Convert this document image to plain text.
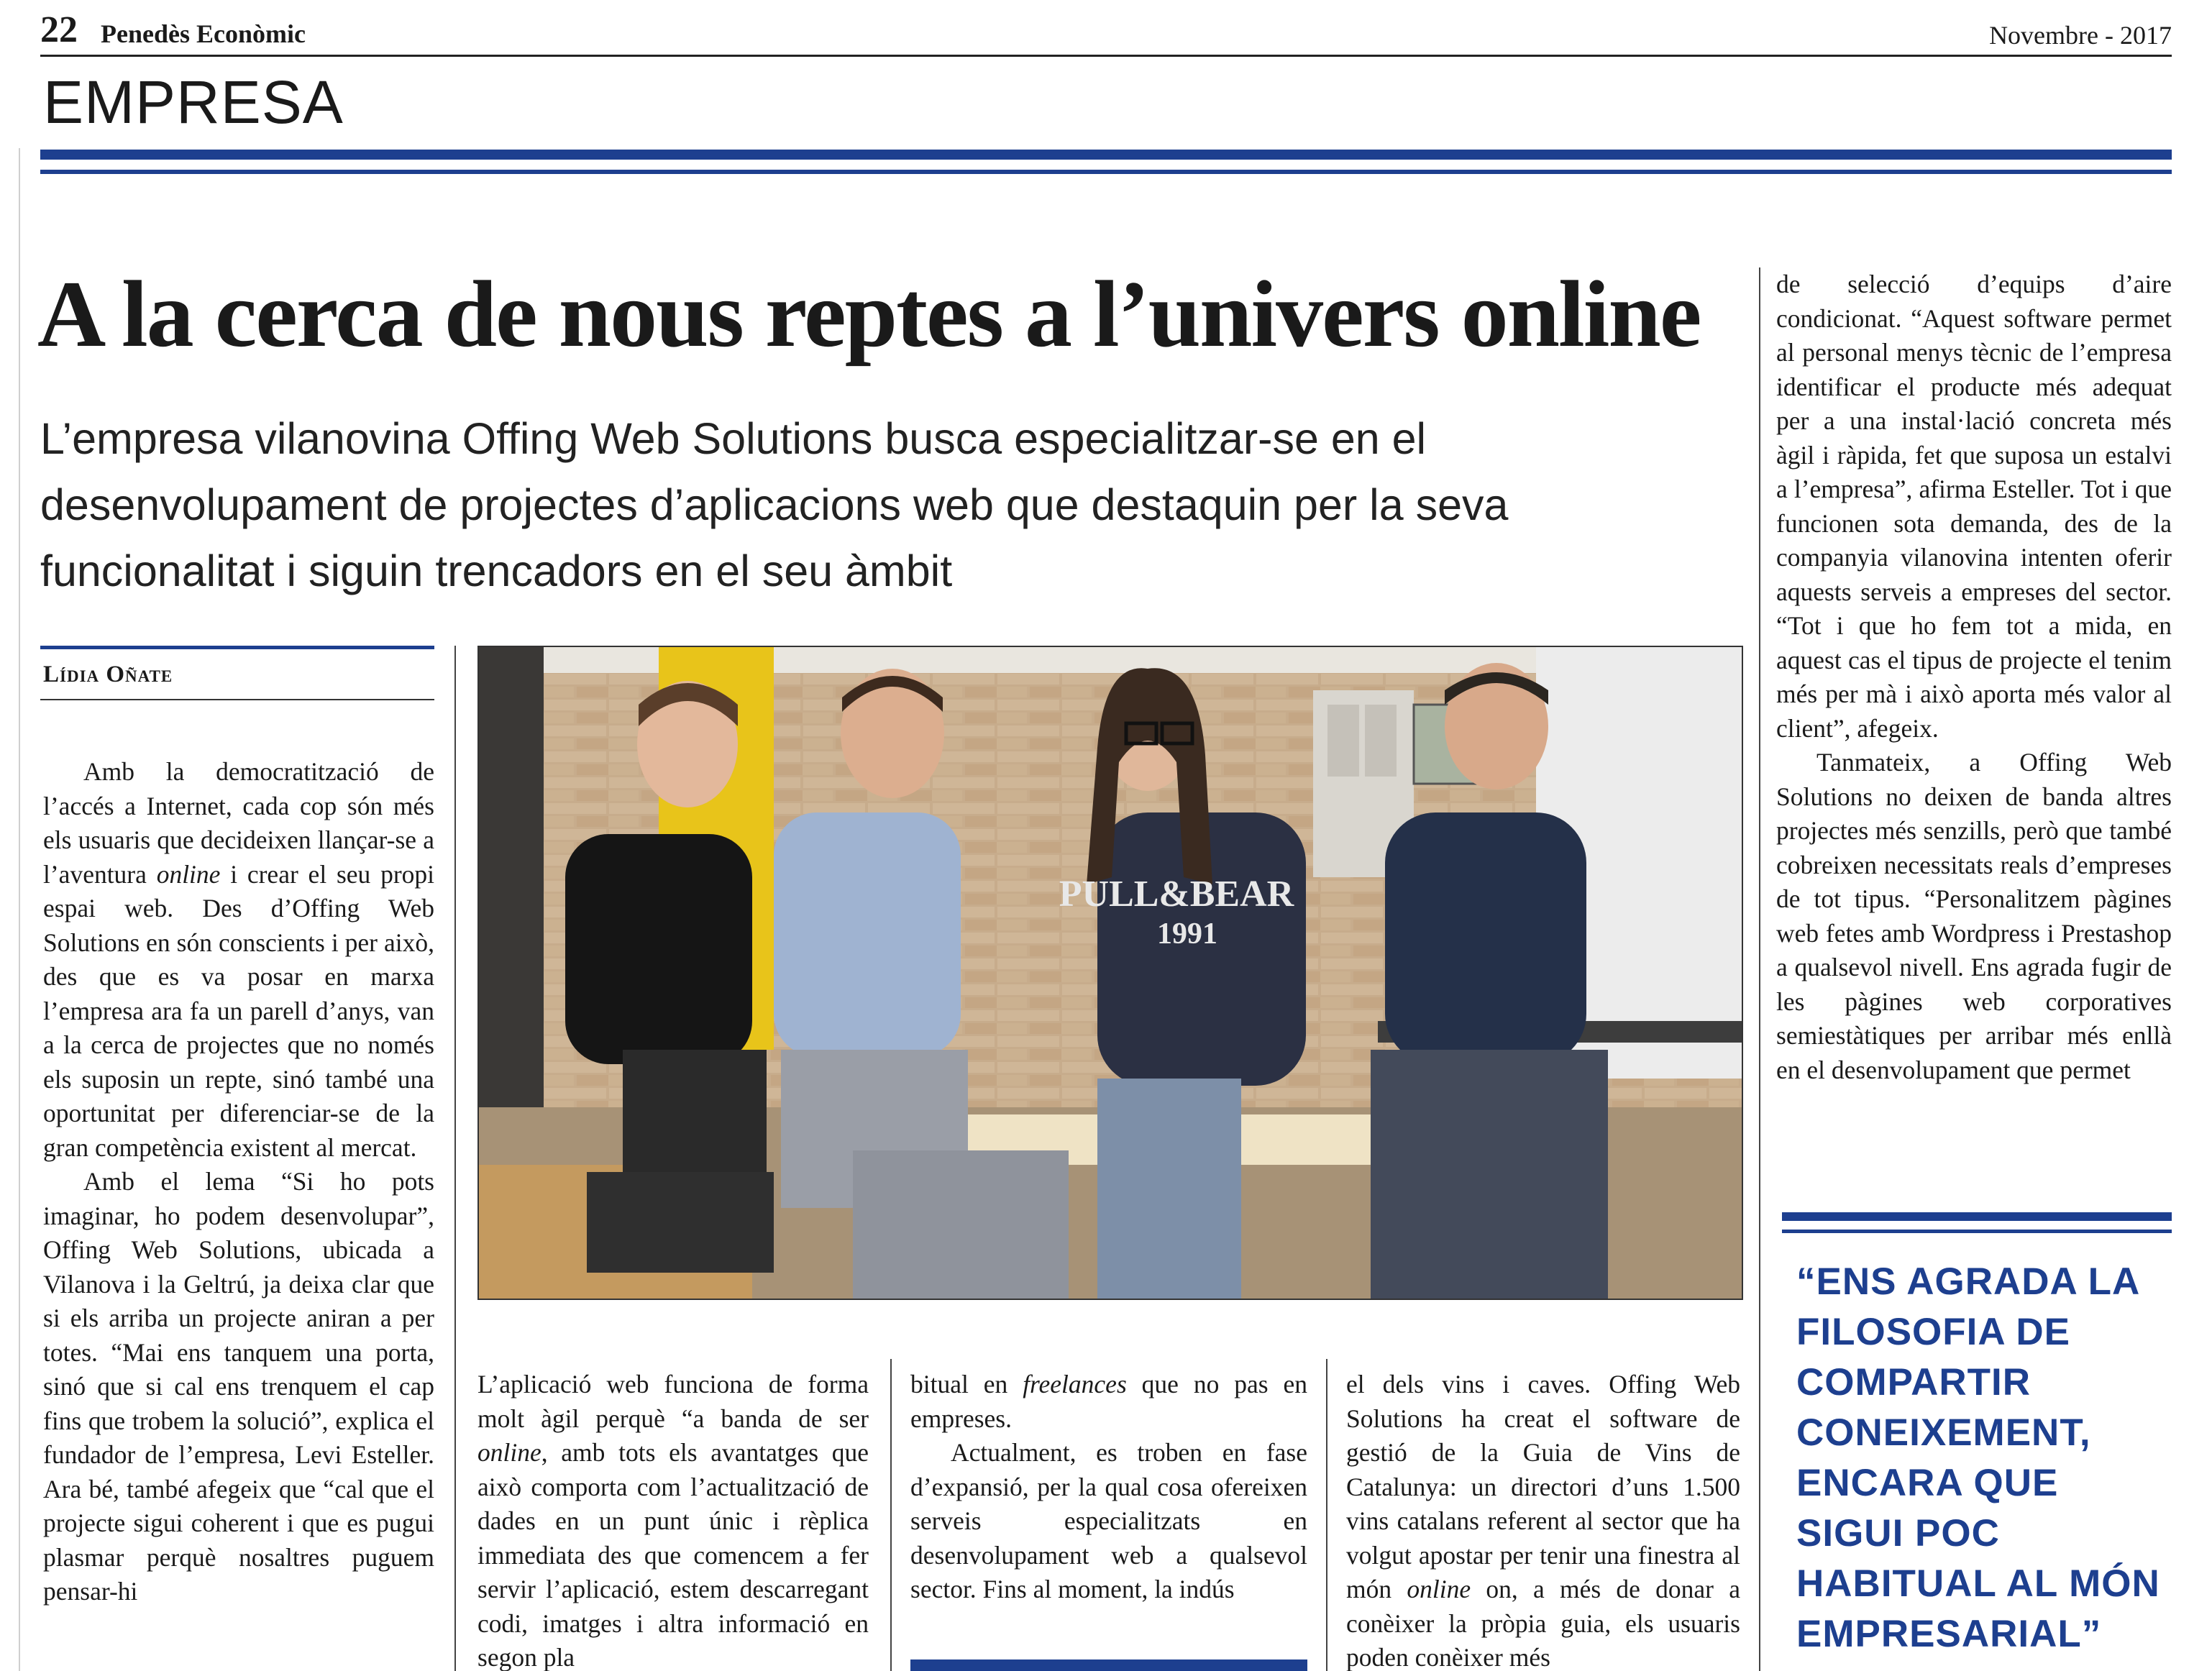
22 Penedès Econòmic	Novembre - 2017
EMPRESA
A la cerca de nous reptes a l’univers online
L’empresa vilanovina Offing Web Solutions busca especialitzar-se en el desenvolupament de projectes d’aplicacions web que destaquin per la seva funcionalitat i siguin trencadors en el seu àmbit
Lídia Oñate

Amb la democratització de l’accés a Internet, cada cop són més els usuaris que decideixen llançar-se a l’aventura online i crear el seu propi espai web. Des d’Offing Web Solutions en són conscients i per això, des que es va posar en marxa l’empresa ara fa un parell d’anys, van a la cerca de projectes que no només els suposin un repte, sinó també una oportunitat per diferenciar-se de la gran competència existent al mercat.

Amb el lema “Si ho pots imaginar, ho podem desenvolupar”, Offing Web Solutions, ubicada a Vilanova i la Geltrú, ja deixa clar que si els arriba un projecte aniran a per totes. “Mai ens tanquem una porta, sinó que si cal ens trenquem el cap fins que trobem la solució”, explica el fundador de l’empresa, Levi Esteller. Ara bé, també afegeix que “cal que el projecte sigui coherent i que es pugui plasmar perquè nosaltres puguem pensar-hi

PULL&BEAR
1991

L’aplicació web funciona de forma molt àgil perquè “a banda de ser online, amb tots els avantatges que això comporta com l’actualització de dades en un punt únic i rèplica immediata des que comencem a fer servir l’aplicació, estem descarregant codi, imatges i altra informació en segon pla

bitual en freelances que no pas en empreses.

Actualment, es troben en fase d’expansió, per la qual cosa ofereixen serveis especialitzats en desenvolupament web a qualsevol sector. Fins al moment, la indús

el dels vins i caves. Offing Web Solutions ha creat el software de gestió de la Guia de Vins de Catalunya: un directori d’uns 1.500 vins catalans referent al sector que ha volgut apostar per tenir una finestra al món online on, a més de donar a conèixer la pròpia guia, els usuaris poden conèixer més

de selecció d’equips d’aire condicionat. “Aquest software permet al personal menys tècnic de l’empresa identificar el producte més adequat per a una instal·lació concreta més àgil i ràpida, fet que suposa un estalvi a l’empresa”, afirma Esteller. Tot i que funcionen sota demanda, des de la companyia vilanovina intenten oferir aquests serveis a empreses del sector. “Tot i que ho fem tot a mida, en aquest cas el tipus de projecte el tenim més per mà i això aporta més valor al client”, afegeix.

Tanmateix, a Offing Web Solutions no deixen de banda altres projectes més senzills, però que també cobreixen necessitats reals d’empreses de tot tipus. “Personalitzem pàgines web fetes amb Wordpress i Prestashop a qualsevol nivell. Ens agrada fugir de les pàgines web corporatives semiestàtiques per arribar més enllà en el desenvolupament que permet

“ENS AGRADA LA FILOSOFIA DE COMPARTIR CONEIXEMENT, ENCARA QUE SIGUI POC HABITUAL AL MÓN EMPRESARIAL”
